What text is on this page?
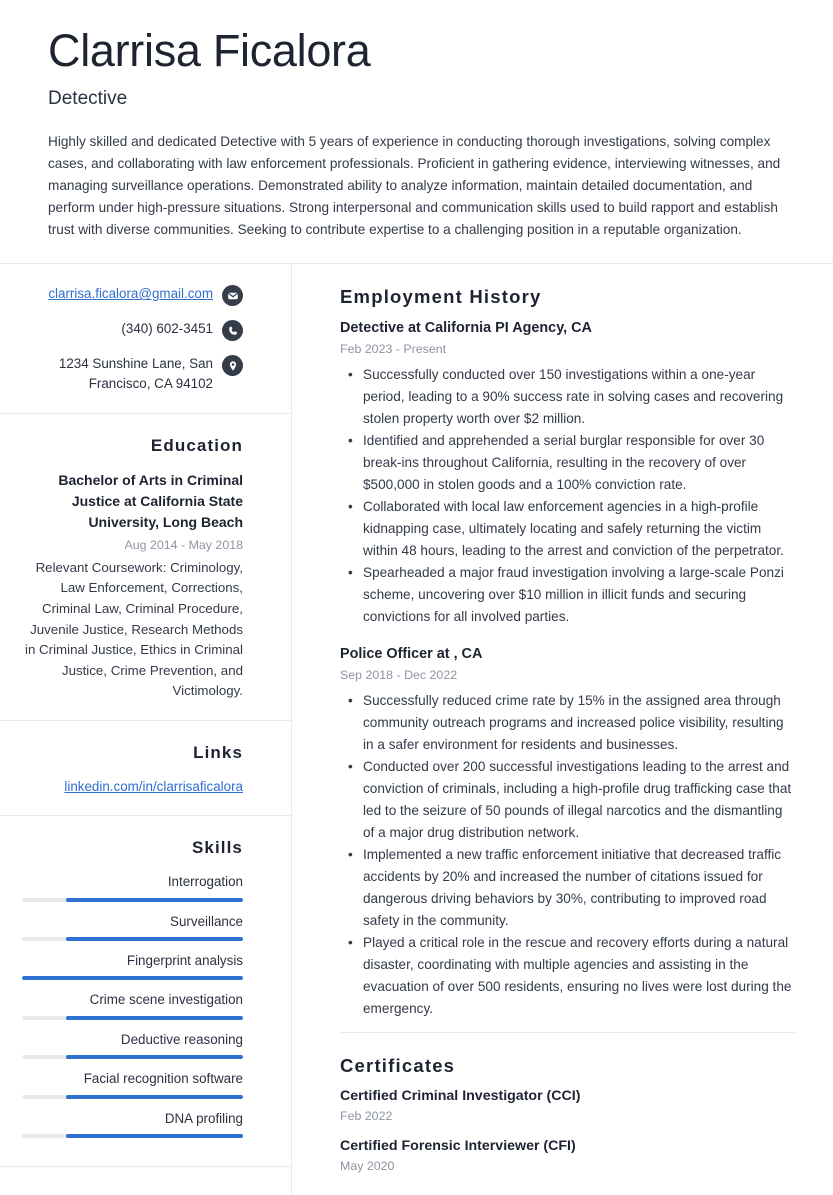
Clarrisa Ficalora
Detective

Highly skilled and dedicated Detective with 5 years of experience in conducting thorough investigations, solving complex cases, and collaborating with law enforcement professionals. Proficient in gathering evidence, interviewing witnesses, and managing surveillance operations. Demonstrated ability to analyze information, maintain detailed documentation, and perform under high-pressure situations. Strong interpersonal and communication skills used to build rapport and establish trust with diverse communities. Seeking to contribute expertise to a challenging position in a reputable organization.

clarrisa.ficalora@gmail.com
(340) 602-3451
1234 Sunshine Lane, San Francisco, CA 94102
Education
Bachelor of Arts in Criminal Justice at California State University, Long Beach
Aug 2014 - May 2018
Relevant Coursework: Criminology, Law Enforcement, Corrections, Criminal Law, Criminal Procedure, Juvenile Justice, Research Methods in Criminal Justice, Ethics in Criminal Justice, Crime Prevention, and Victimology.
Links
linkedin.com/in/clarrisaficalora
Skills
Interrogation
Surveillance
Fingerprint analysis
Crime scene investigation
Deductive reasoning
Facial recognition software
DNA profiling
Employment History
Detective at California PI Agency, CA
Feb 2023 - Present
• Successfully conducted over 150 investigations within a one-year period, leading to a 90% success rate in solving cases and recovering stolen property worth over $2 million.
• Identified and apprehended a serial burglar responsible for over 30 break-ins throughout California, resulting in the recovery of over $500,000 in stolen goods and a 100% conviction rate.
• Collaborated with local law enforcement agencies in a high-profile kidnapping case, ultimately locating and safely returning the victim within 48 hours, leading to the arrest and conviction of the perpetrator.
• Spearheaded a major fraud investigation involving a large-scale Ponzi scheme, uncovering over $10 million in illicit funds and securing convictions for all involved parties.
Police Officer at , CA
Sep 2018 - Dec 2022
• Successfully reduced crime rate by 15% in the assigned area through community outreach programs and increased police visibility, resulting in a safer environment for residents and businesses.
• Conducted over 200 successful investigations leading to the arrest and conviction of criminals, including a high-profile drug trafficking case that led to the seizure of 50 pounds of illegal narcotics and the dismantling of a major drug distribution network.
• Implemented a new traffic enforcement initiative that decreased traffic accidents by 20% and increased the number of citations issued for dangerous driving behaviors by 30%, contributing to improved road safety in the community.
• Played a critical role in the rescue and recovery efforts during a natural disaster, coordinating with multiple agencies and assisting in the evacuation of over 500 residents, ensuring no lives were lost during the emergency.
Certificates
Certified Criminal Investigator (CCI)
Feb 2022
Certified Forensic Interviewer (CFI)
May 2020
